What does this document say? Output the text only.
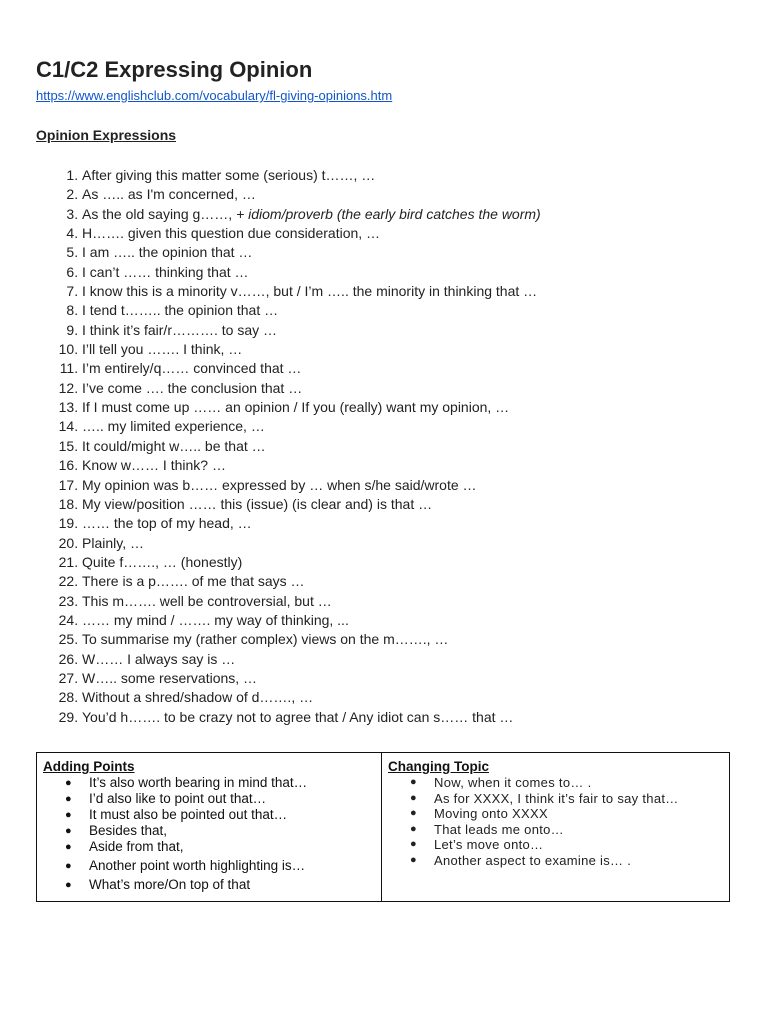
C1/C2 Expressing Opinion
https://www.englishclub.com/vocabulary/fl-giving-opinions.htm
Opinion Expressions
1. After giving this matter some (serious) t……, …
2. As ….. as I'm concerned, …
3. As the old saying g……, + idiom/proverb (the early bird catches the worm)
4. H……. given this question due consideration, …
5. I am ….. the opinion that …
6. I can’t …… thinking that …
7. I know this is a minority v……, but / I’m ….. the minority in thinking that …
8. I tend t…….. the opinion that …
9. I think it’s fair/r………. to say …
10. I’ll tell you ……. I think, …
11. I’m entirely/q…… convinced that …
12. I’ve come …. the conclusion that …
13. If I must come up …… an opinion / If you (really) want my opinion, …
14. ….. my limited experience, …
15. It could/might w….. be that …
16. Know w…… I think? …
17. My opinion was b…… expressed by … when s/he said/wrote …
18. My view/position …… this (issue) (is clear and) is that …
19. …… the top of my head, …
20. Plainly, …
21. Quite f……., … (honestly)
22. There is a p……. of me that says …
23. This m……. well be controversial, but …
24. …… my mind / ……. my way of thinking, ...
25. To summarise my (rather complex) views on the m……., …
26. W…… I always say is …
27. W….. some reservations, …
28. Without a shred/shadow of d……., …
29. You’d h……. to be crazy not to agree that / Any idiot can s…… that …
Adding Points
● It’s also worth bearing in mind that…
● I’d also like to point out that…
● It must also be pointed out that…
● Besides that,
● Aside from that,
● Another point worth highlighting is…
● What’s more/On top of that

Changing Topic
● Now, when it comes to… .
● As for XXXX, I think it’s fair to say that…
● Moving onto XXXX
● That leads me onto…
● Let’s move onto…
● Another aspect to examine is… .
